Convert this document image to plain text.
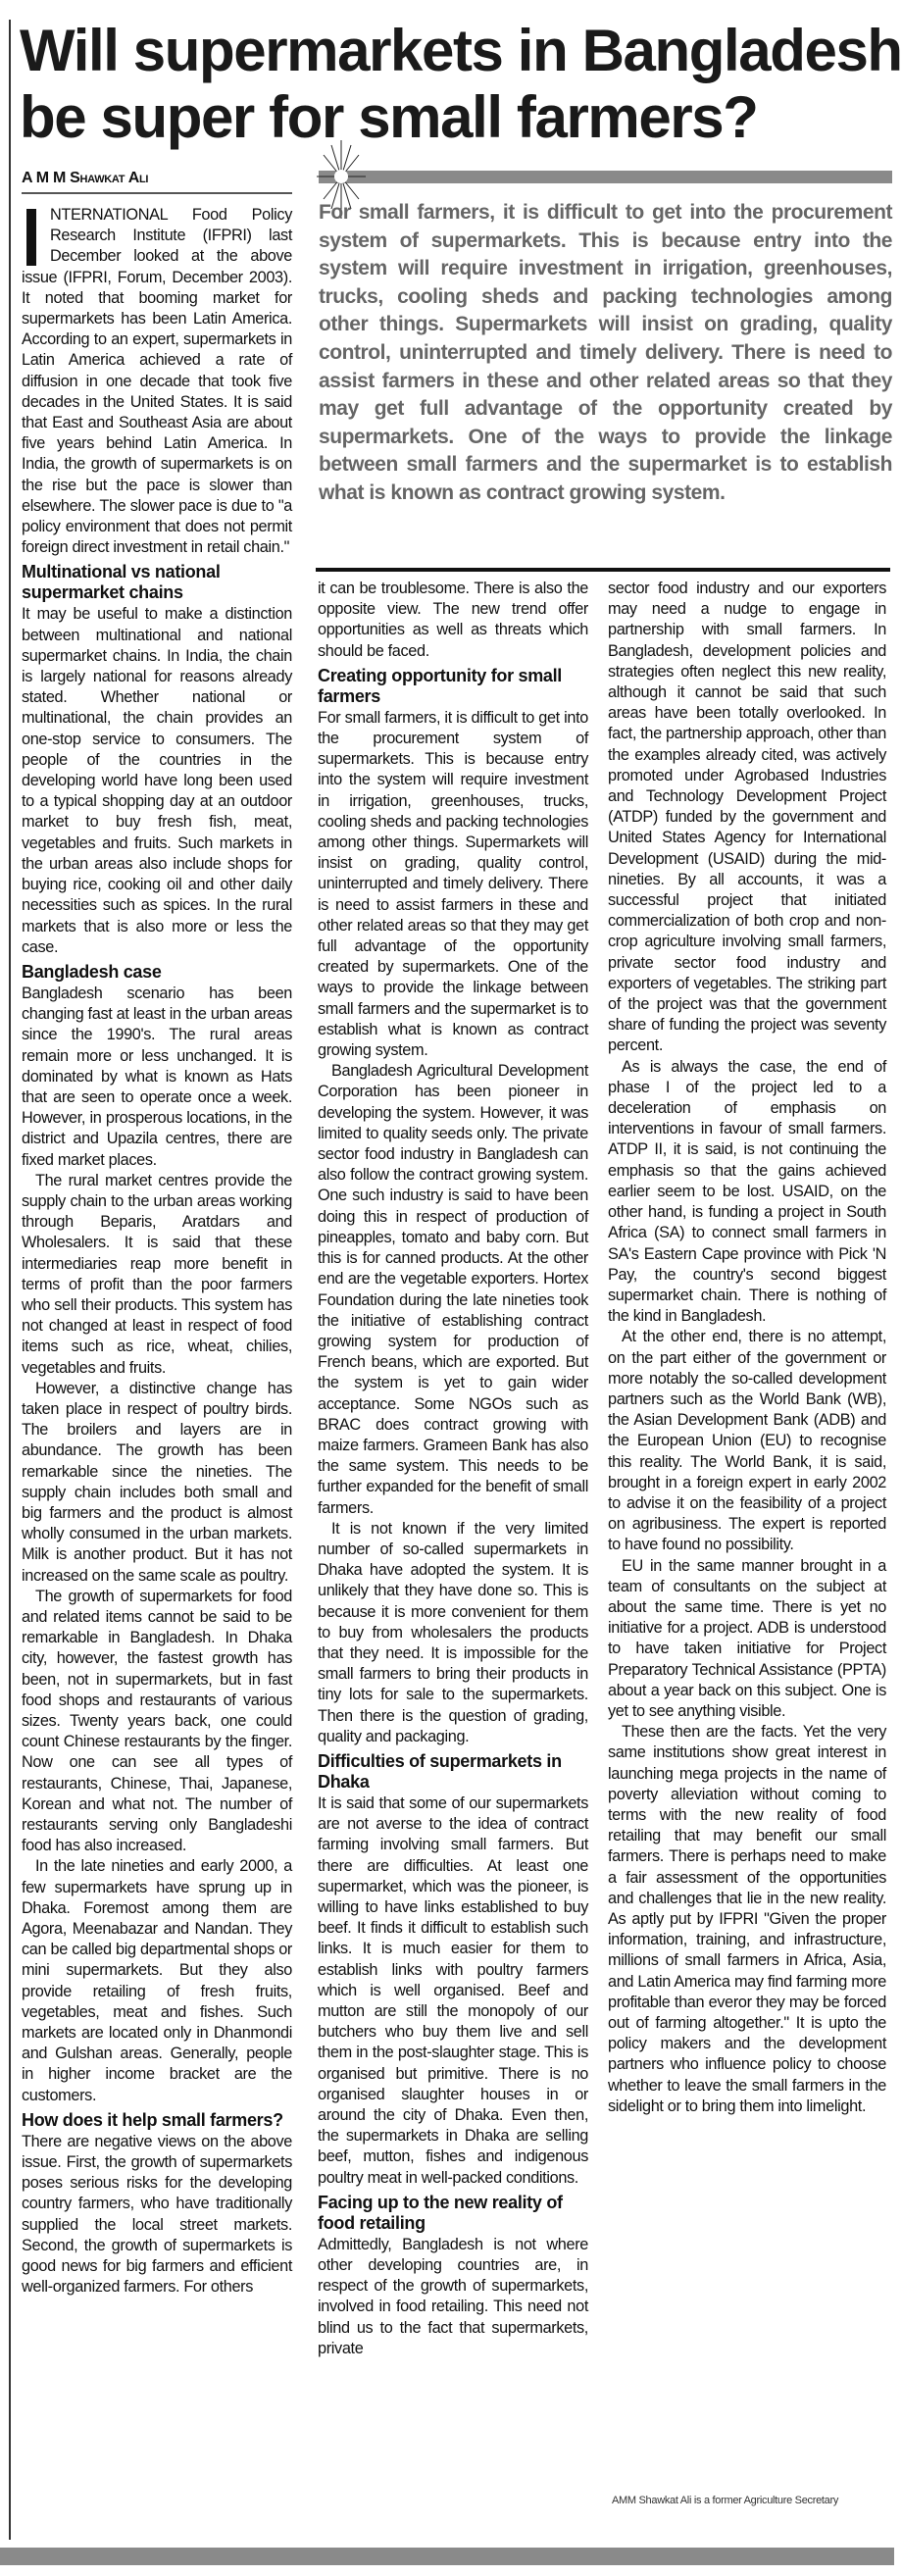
Will supermarkets in Bangladesh be super for small farmers?
A M M Shawkat Ali

For small farmers, it is difficult to get into the procurement system of supermarkets. This is because entry into the system will require investment in irrigation, greenhouses, trucks, cooling sheds and packing technologies among other things. Supermarkets will insist on grading, quality control, uninterrupted and timely delivery. There is need to assist farmers in these and other related areas so that they may get full advantage of the opportunity created by supermarkets. One of the ways to provide the linkage between small farmers and the supermarket is to establish what is known as contract growing system.

NTERNATIONAL Food Policy Research Institute (IFPRI) last December looked at the above issue (IFPRI, Forum, December 2003). It noted that booming market for supermarkets has been Latin America. According to an expert, supermarkets in Latin America achieved a rate of diffusion in one decade that took five decades in the United States. It is said that East and Southeast Asia are about five years behind Latin America. In India, the growth of supermarkets is on the rise but the pace is slower than elsewhere. The slower pace is due to "a policy environment that does not permit foreign direct investment in retail chain."

Multinational vs national supermarket chains

It may be useful to make a distinction between multinational and national supermarket chains. In India, the chain is largely national for reasons already stated. Whether national or multinational, the chain provides an one-stop service to consumers. The people of the countries in the developing world have long been used to a typical shopping day at an outdoor market to buy fresh fish, meat, vegetables and fruits. Such markets in the urban areas also include shops for buying rice, cooking oil and other daily necessities such as spices. In the rural markets that is also more or less the case.

Bangladesh case

Bangladesh scenario has been changing fast at least in the urban areas since the 1990's. The rural areas remain more or less unchanged. It is dominated by what is known as Hats that are seen to operate once a week. However, in prosperous locations, in the district and Upazila centres, there are fixed market places.

The rural market centres provide the supply chain to the urban areas working through Beparis, Aratdars and Wholesalers. It is said that these intermediaries reap more benefit in terms of profit than the poor farmers who sell their products. This system has not changed at least in respect of food items such as rice, wheat, chilies, vegetables and fruits.

However, a distinctive change has taken place in respect of poultry birds. The broilers and layers are in abundance. The growth has been remarkable since the nineties. The supply chain includes both small and big farmers and the product is almost wholly consumed in the urban markets. Milk is another product. But it has not increased on the same scale as poultry.

The growth of supermarkets for food and related items cannot be said to be remarkable in Bangladesh. In Dhaka city, however, the fastest growth has been, not in supermarkets, but in fast food shops and restaurants of various sizes. Twenty years back, one could count Chinese restaurants by the finger. Now one can see all types of restaurants, Chinese, Thai, Japanese, Korean and what not. The number of restaurants serving only Bangladeshi food has also increased.

In the late nineties and early 2000, a few supermarkets have sprung up in Dhaka. Foremost among them are Agora, Meenabazar and Nandan. They can be called big departmental shops or mini supermarkets. But they also provide retailing of fresh fruits, vegetables, meat and fishes. Such markets are located only in Dhanmondi and Gulshan areas. Generally, people in higher income bracket are the customers.

How does it help small farmers?

There are negative views on the above issue. First, the growth of supermarkets poses serious risks for the developing country farmers, who have traditionally supplied the local street markets. Second, the growth of supermarkets is good news for big farmers and efficient well-organized farmers. For others

it can be troublesome. There is also the opposite view. The new trend offer opportunities as well as threats which should be faced.

Creating opportunity for small farmers

For small farmers, it is difficult to get into the procurement system of supermarkets. This is because entry into the system will require investment in irrigation, greenhouses, trucks, cooling sheds and packing technologies among other things. Supermarkets will insist on grading, quality control, uninterrupted and timely delivery. There is need to assist farmers in these and other related areas so that they may get full advantage of the opportunity created by supermarkets. One of the ways to provide the linkage between small farmers and the supermarket is to establish what is known as contract growing system.

Bangladesh Agricultural Development Corporation has been pioneer in developing the system. However, it was limited to quality seeds only. The private sector food industry in Bangladesh can also follow the contract growing system. One such industry is said to have been doing this in respect of production of pineapples, tomato and baby corn. But this is for canned products. At the other end are the vegetable exporters. Hortex Foundation during the late nineties took the initiative of establishing contract growing system for production of French beans, which are exported. But the system is yet to gain wider acceptance. Some NGOs such as BRAC does contract growing with maize farmers. Grameen Bank has also the same system. This needs to be further expanded for the benefit of small farmers.

It is not known if the very limited number of so-called supermarkets in Dhaka have adopted the system. It is unlikely that they have done so. This is because it is more convenient for them to buy from wholesalers the products that they need. It is impossible for the small farmers to bring their products in tiny lots for sale to the supermarkets. Then there is the question of grading, quality and packaging.

Difficulties of supermarkets in Dhaka

It is said that some of our supermarkets are not averse to the idea of contract farming involving small farmers. But there are difficulties. At least one supermarket, which was the pioneer, is willing to have links established to buy beef. It finds it difficult to establish such links. It is much easier for them to establish links with poultry farmers which is well organised. Beef and mutton are still the monopoly of our butchers who buy them live and sell them in the post-slaughter stage. This is organised but primitive. There is no organised slaughter houses in or around the city of Dhaka. Even then, the supermarkets in Dhaka are selling beef, mutton, fishes and indigenous poultry meat in well-packed conditions.

Facing up to the new reality of food retailing

Admittedly, Bangladesh is not where other developing countries are, in respect of the growth of supermarkets, involved in food retailing. This need not blind us to the fact that supermarkets, private

sector food industry and our exporters may need a nudge to engage in partnership with small farmers. In Bangladesh, development policies and strategies often neglect this new reality, although it cannot be said that such areas have been totally overlooked. In fact, the partnership approach, other than the examples already cited, was actively promoted under Agrobased Industries and Technology Development Project (ATDP) funded by the government and United States Agency for International Development (USAID) during the mid-nineties. By all accounts, it was a successful project that initiated commercialization of both crop and non-crop agriculture involving small farmers, private sector food industry and exporters of vegetables. The striking part of the project was that the government share of funding the project was seventy percent.

As is always the case, the end of phase I of the project led to a deceleration of emphasis on interventions in favour of small farmers. ATDP II, it is said, is not continuing the emphasis so that the gains achieved earlier seem to be lost. USAID, on the other hand, is funding a project in South Africa (SA) to connect small farmers in SA's Eastern Cape province with Pick 'N Pay, the country's second biggest supermarket chain. There is nothing of the kind in Bangladesh.

At the other end, there is no attempt, on the part either of the government or more notably the so-called development partners such as the World Bank (WB), the Asian Development Bank (ADB) and the European Union (EU) to recognise this reality. The World Bank, it is said, brought in a foreign expert in early 2002 to advise it on the feasibility of a project on agribusiness. The expert is reported to have found no possibility.

EU in the same manner brought in a team of consultants on the subject at about the same time. There is yet no initiative for a project. ADB is understood to have taken initiative for Project Preparatory Technical Assistance (PPTA) about a year back on this subject. One is yet to see anything visible.

These then are the facts. Yet the very same institutions show great interest in launching mega projects in the name of poverty alleviation without coming to terms with the new reality of food retailing that may benefit our small farmers. There is perhaps need to make a fair assessment of the opportunities and challenges that lie in the new reality. As aptly put by IFPRI "Given the proper information, training, and infrastructure, millions of small farmers in Africa, Asia, and Latin America may find farming more profitable than everor they may be forced out of farming altogether." It is upto the policy makers and the development partners who influence policy to choose whether to leave the small farmers in the sidelight or to bring them into limelight.

AMM Shawkat Ali is a former Agriculture Secretary
